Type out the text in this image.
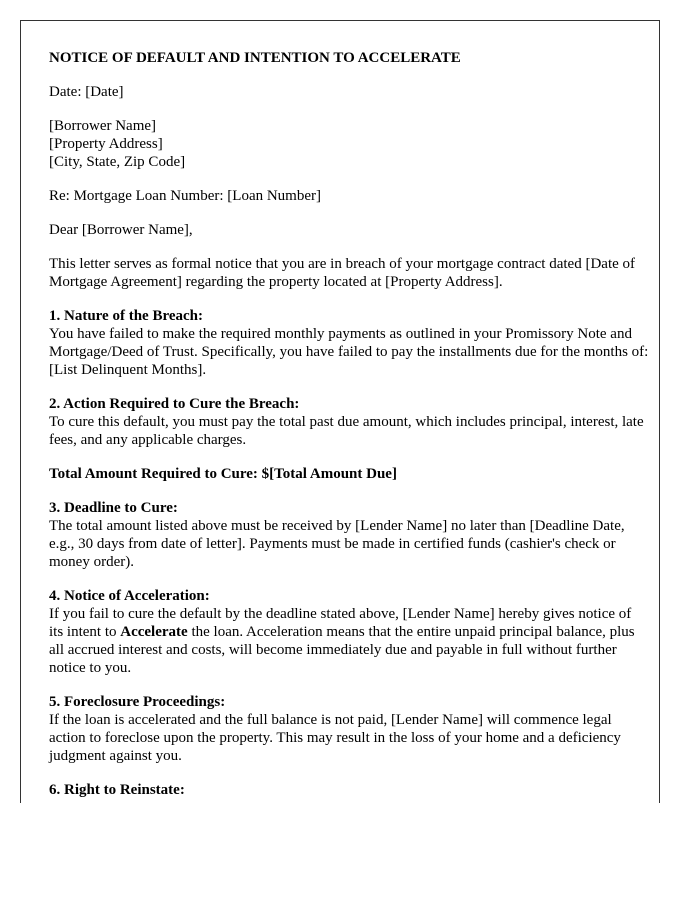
NOTICE OF DEFAULT AND INTENTION TO ACCELERATE

Date: [Date]

[Borrower Name]
[Property Address]
[City, State, Zip Code]

Re: Mortgage Loan Number: [Loan Number]

Dear [Borrower Name],

This letter serves as formal notice that you are in breach of your mortgage contract dated [Date of Mortgage Agreement] regarding the property located at [Property Address].

1. Nature of the Breach:
You have failed to make the required monthly payments as outlined in your Promissory Note and Mortgage/Deed of Trust. Specifically, you have failed to pay the installments due for the months of: [List Delinquent Months].

2. Action Required to Cure the Breach:
To cure this default, you must pay the total past due amount, which includes principal, interest, late fees, and any applicable charges.

Total Amount Required to Cure: $[Total Amount Due]

3. Deadline to Cure:
The total amount listed above must be received by [Lender Name] no later than [Deadline Date, e.g., 30 days from date of letter]. Payments must be made in certified funds (cashier's check or money order).

4. Notice of Acceleration:
If you fail to cure the default by the deadline stated above, [Lender Name] hereby gives notice of its intent to Accelerate the loan. Acceleration means that the entire unpaid principal balance, plus all accrued interest and costs, will become immediately due and payable in full without further notice to you.

5. Foreclosure Proceedings:
If the loan is accelerated and the full balance is not paid, [Lender Name] will commence legal action to foreclose upon the property. This may result in the loss of your home and a deficiency judgment against you.

6. Right to Reinstate:
